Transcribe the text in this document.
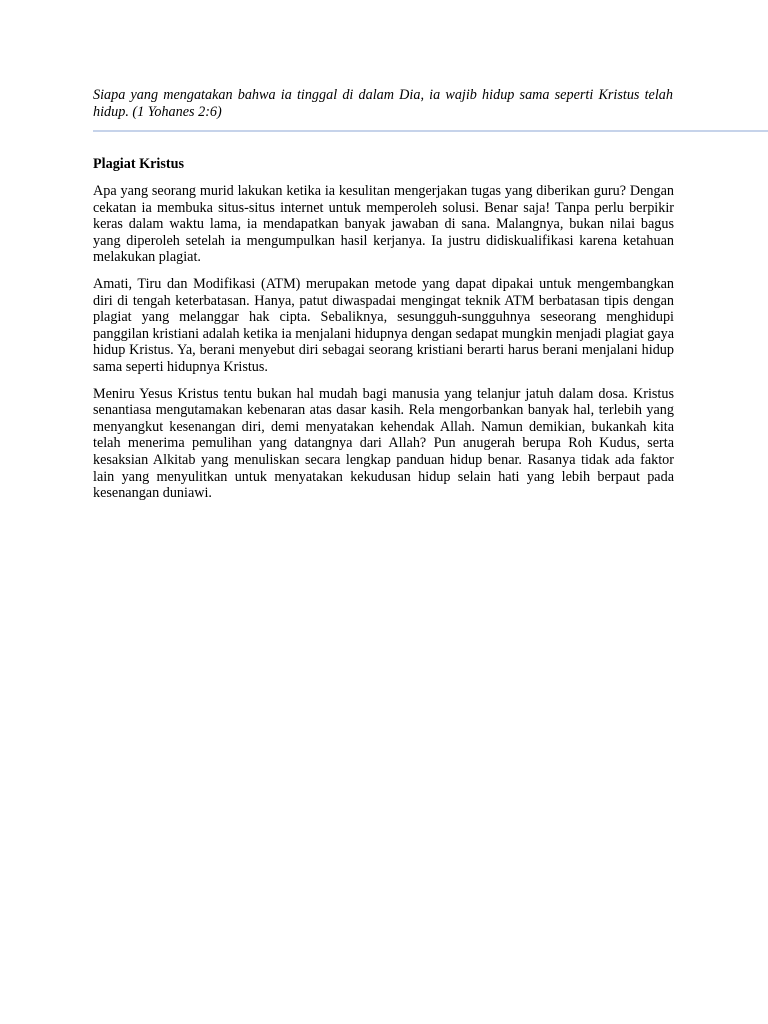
Siapa yang mengatakan bahwa ia tinggal di dalam Dia, ia wajib hidup sama seperti Kristus telah hidup. (1 Yohanes 2:6)

Plagiat Kristus

Apa yang seorang murid lakukan ketika ia kesulitan mengerjakan tugas yang diberikan guru? Dengan cekatan ia membuka situs-situs internet untuk memperoleh solusi. Benar saja! Tanpa perlu berpikir keras dalam waktu lama, ia mendapatkan banyak jawaban di sana. Malangnya, bukan nilai bagus yang diperoleh setelah ia mengumpulkan hasil kerjanya. Ia justru didiskualifikasi karena ketahuan melakukan plagiat.

Amati, Tiru dan Modifikasi (ATM) merupakan metode yang dapat dipakai untuk mengembangkan diri di tengah keterbatasan. Hanya, patut diwaspadai mengingat teknik ATM berbatasan tipis dengan plagiat yang melanggar hak cipta. Sebaliknya, sesungguh-sungguhnya seseorang menghidupi panggilan kristiani adalah ketika ia menjalani hidupnya dengan sedapat mungkin menjadi plagiat gaya hidup Kristus. Ya, berani menyebut diri sebagai seorang kristiani berarti harus berani menjalani hidup sama seperti hidupnya Kristus.

Meniru Yesus Kristus tentu bukan hal mudah bagi manusia yang telanjur jatuh dalam dosa. Kristus senantiasa mengutamakan kebenaran atas dasar kasih. Rela mengorbankan banyak hal, terlebih yang menyangkut kesenangan diri, demi menyatakan kehendak Allah. Namun demikian, bukankah kita telah menerima pemulihan yang datangnya dari Allah? Pun anugerah berupa Roh Kudus, serta kesaksian Alkitab yang menuliskan secara lengkap panduan hidup benar. Rasanya tidak ada faktor lain yang menyulitkan untuk menyatakan kekudusan hidup selain hati yang lebih berpaut pada kesenangan duniawi.
